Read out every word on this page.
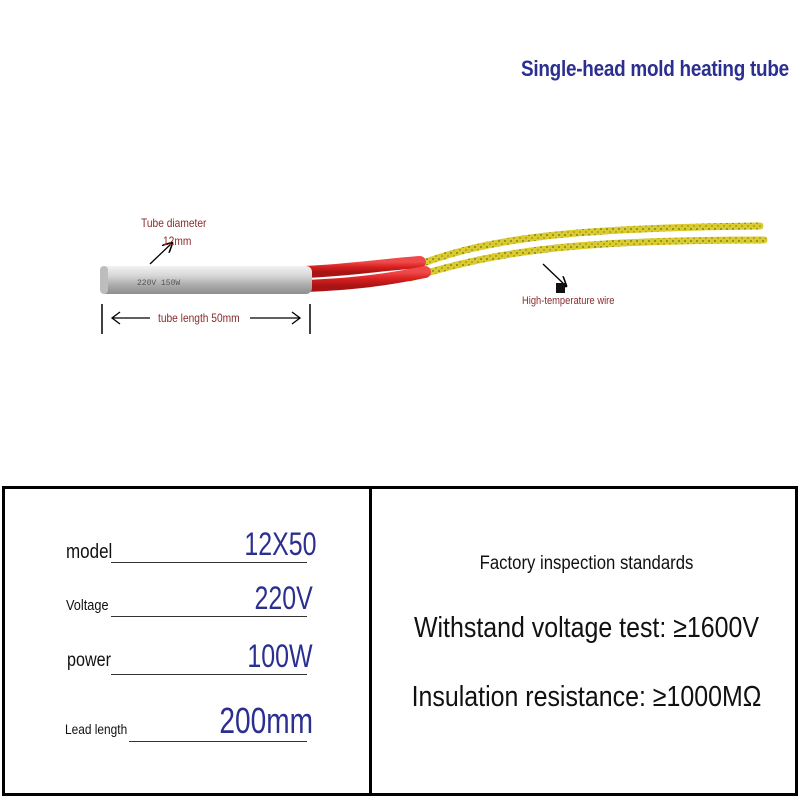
Single-head mold heating tube
220V 150W
Tube diameter
12mm
tube length 50mm
High-temperature wire
model	12X50
Voltage	220V
power	100W
Lead length	200mm
Factory inspection standards
Withstand voltage test: ≥1600V
Insulation resistance: ≥1000MΩ
